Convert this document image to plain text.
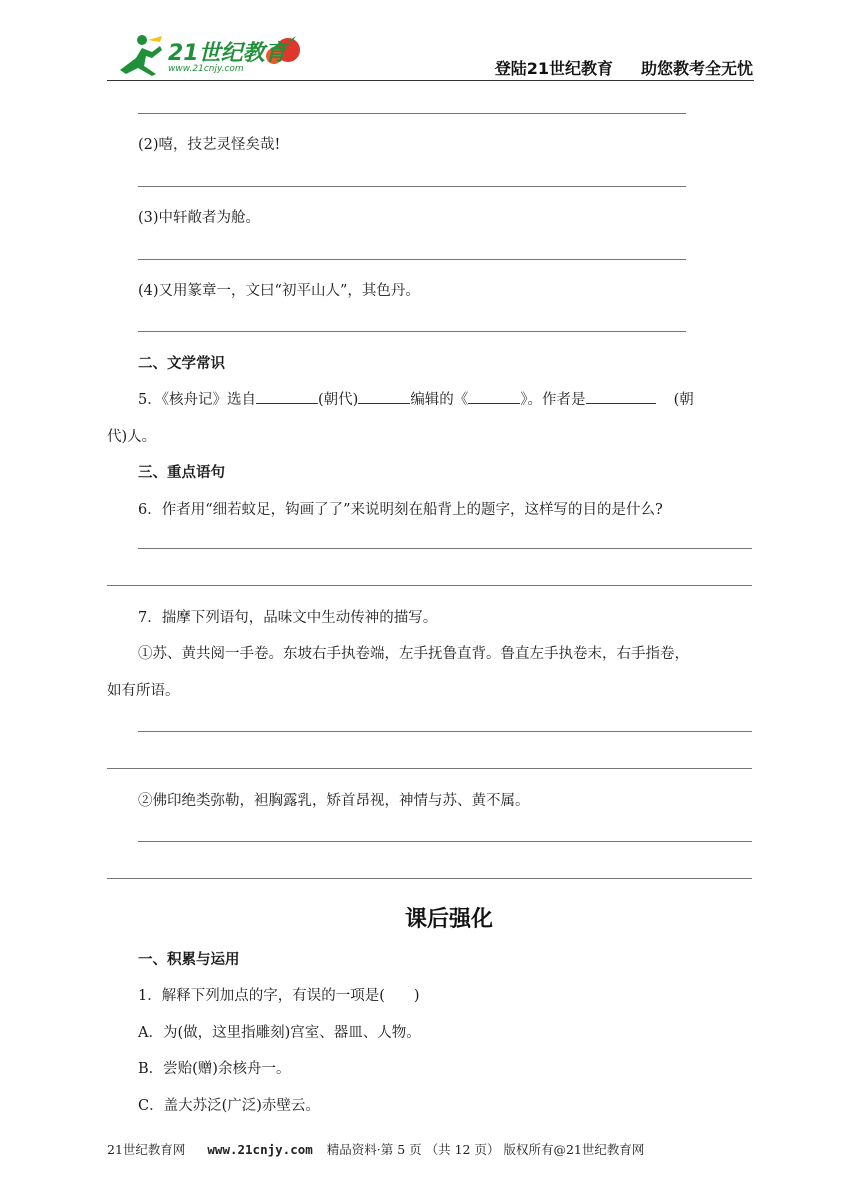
21世纪教育
www.21cnjy.com	登陆21世纪教育 助您教考全无忧
(2)嘻，技艺灵怪矣哉!
(3)中轩敞者为舱。
(4)又用篆章一，文曰“初平山人”，其色丹。
二、文学常识
5．《核舟记》选自	(朝代)	编辑的《	》。作者是	(朝
代)人。
三、重点语句
6．作者用“细若蚊足，钩画了了”来说明刻在船背上的题字，这样写的目的是什么?
7．揣摩下列语句，品味文中生动传神的描写。
①苏、黄共阅一手卷。东坡右手执卷端，左手抚鲁直背。鲁直左手执卷末，右手指卷，
如有所语。
②佛印绝类弥勒，袒胸露乳，矫首昂视，神情与苏、黄不属。
课后强化
一、积累与运用
1．解释下列加点的字，有误的一项是(　　)
A．为(做，这里指雕刻)宫室、器皿、人物。
B．尝贻(赠)余核舟一。
C．盖大苏泛(广泛)赤壁云。
21世纪教育网 www.21cnjy.com 精品资料·第 5 页 （共 12 页） 版权所有@21世纪教育网
